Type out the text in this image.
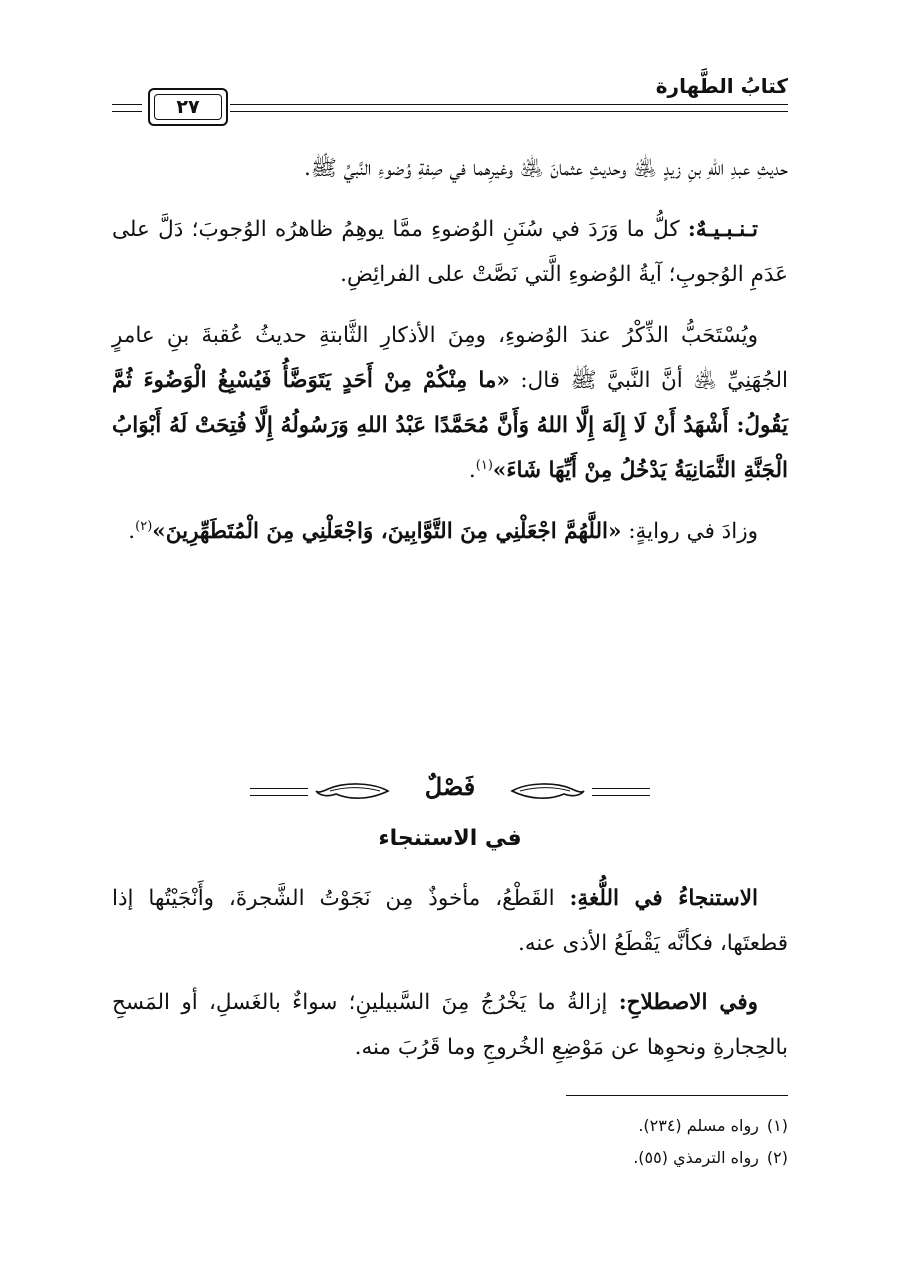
كتابُ الطَّهارة
٢٧

حديثِ عبدِ اللهِ بنِ زيدٍ ﵁ وحديثِ عثمانَ ﵁ وغيرِهما في صِفةِ وُضوءِ النَّبيِّ ﷺ.

تـنـبـيـهٌ: كلُّ ما وَرَدَ في سُنَنِ الوُضوءِ ممَّا يوهِمُ ظاهرُه الوُجوبَ؛ دَلَّ على عَدَمِ الوُجوبِ؛ آيةُ الوُضوءِ الَّتي نَصَّتْ على الفرائِضِ.

ويُسْتَحَبُّ الذِّكْرُ عندَ الوُضوءِ، ومِنَ الأذكارِ الثَّابتةِ حديثُ عُقبةَ بنِ عامرٍ الجُهَنِيِّ ﵁ أنَّ النَّبيَّ ﷺ قال: «ما مِنْكُمْ مِنْ أَحَدٍ يَتَوَضَّأُ فَيُسْبِغُ الْوَضُوءَ ثُمَّ يَقُولُ: أَشْهَدُ أَنْ لَا إِلَهَ إِلَّا اللهُ وَأَنَّ مُحَمَّدًا عَبْدُ اللهِ وَرَسُولُهُ إِلَّا فُتِحَتْ لَهُ أَبْوَابُ الْجَنَّةِ الثَّمَانِيَةُ يَدْخُلُ مِنْ أَيِّهَا شَاءَ»$^{(١)}$.

وزادَ في روايةٍ: «اللَّهُمَّ اجْعَلْنِي مِنَ التَّوَّابِينَ، وَاجْعَلْنِي مِنَ الْمُتَطَهِّرِينَ»$^{(٢)}$.

فَصْلٌ
في الاستنجاء

الاستنجاءُ في اللُّغةِ: القَطْعُ، مأخوذٌ مِن نَجَوْتُ الشَّجرةَ، وأَنْجَيْتُها إذا قطعتَها، فكأنَّه يَقْطَعُ الأذى عنه.

وفي الاصطلاحِ: إزالةُ ما يَخْرُجُ مِنَ السَّبيلينِ؛ سواءٌ بالغَسلِ، أو المَسحِ بالحِجارةِ ونحوِها عن مَوْضِعِ الخُروجِ وما قَرُبَ منه.

(١)رواه مسلم (٢٣٤).
(٢)رواه الترمذي (٥٥).
